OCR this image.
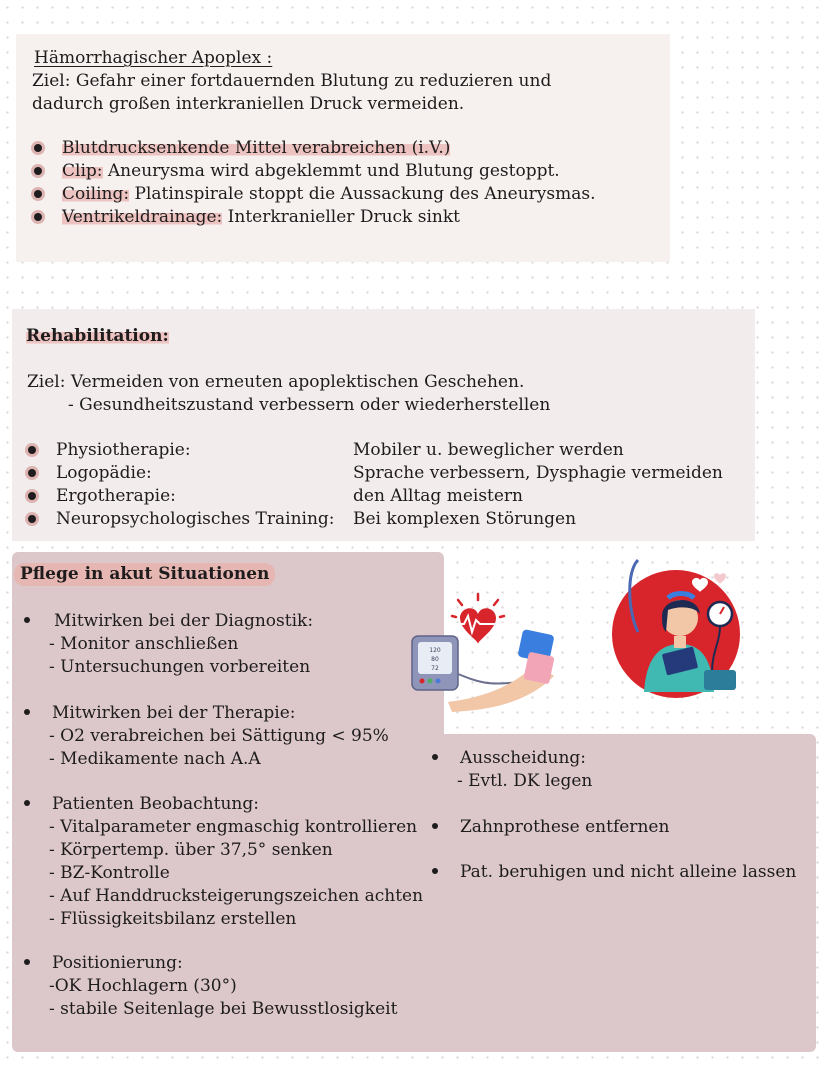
Hämorrhagischer Apoplex :
Ziel: Gefahr einer fortdauernden Blutung zu reduzieren und
dadurch großen interkraniellen Druck vermeiden.
Blutdrucksenkende Mittel verabreichen (i.V.)
Clip: Aneurysma wird abgeklemmt und Blutung gestoppt.
Coiling: Platinspirale stoppt die Aussackung des Aneurysmas.
Ventrikeldrainage: Interkranieller Druck sinkt
Rehabilitation:
Ziel: Vermeiden von erneuten apoplektischen Geschehen.
- Gesundheitszustand verbessern oder wiederherstellen
Physiotherapie:	Mobiler u. beweglicher werden
Logopädie:	Sprache verbessern, Dysphagie vermeiden
Ergotherapie:	den Alltag meistern
Neuropsychologisches Training: Bei komplexen Störungen
Pflege in akut Situationen
Mitwirken bei der Diagnostik:
- Monitor anschließen
- Untersuchungen vorbereiten
Mitwirken bei der Therapie:
- O2 verabreichen bei Sättigung < 95%
- Medikamente nach A.A
Patienten Beobachtung:
- Vitalparameter engmaschig kontrollieren
- Körpertemp. über 37,5° senken
- BZ-Kontrolle
- Auf Handdrucksteigerungszeichen achten
- Flüssigkeitsbilanz erstellen
Positionierung:
-OK Hochlagern (30°)
- stabile Seitenlage bei Bewusstlosigkeit
Ausscheidung:
- Evtl. DK legen
Zahnprothese entfernen
Pat. beruhigen und nicht alleine lassen
120
80
72
